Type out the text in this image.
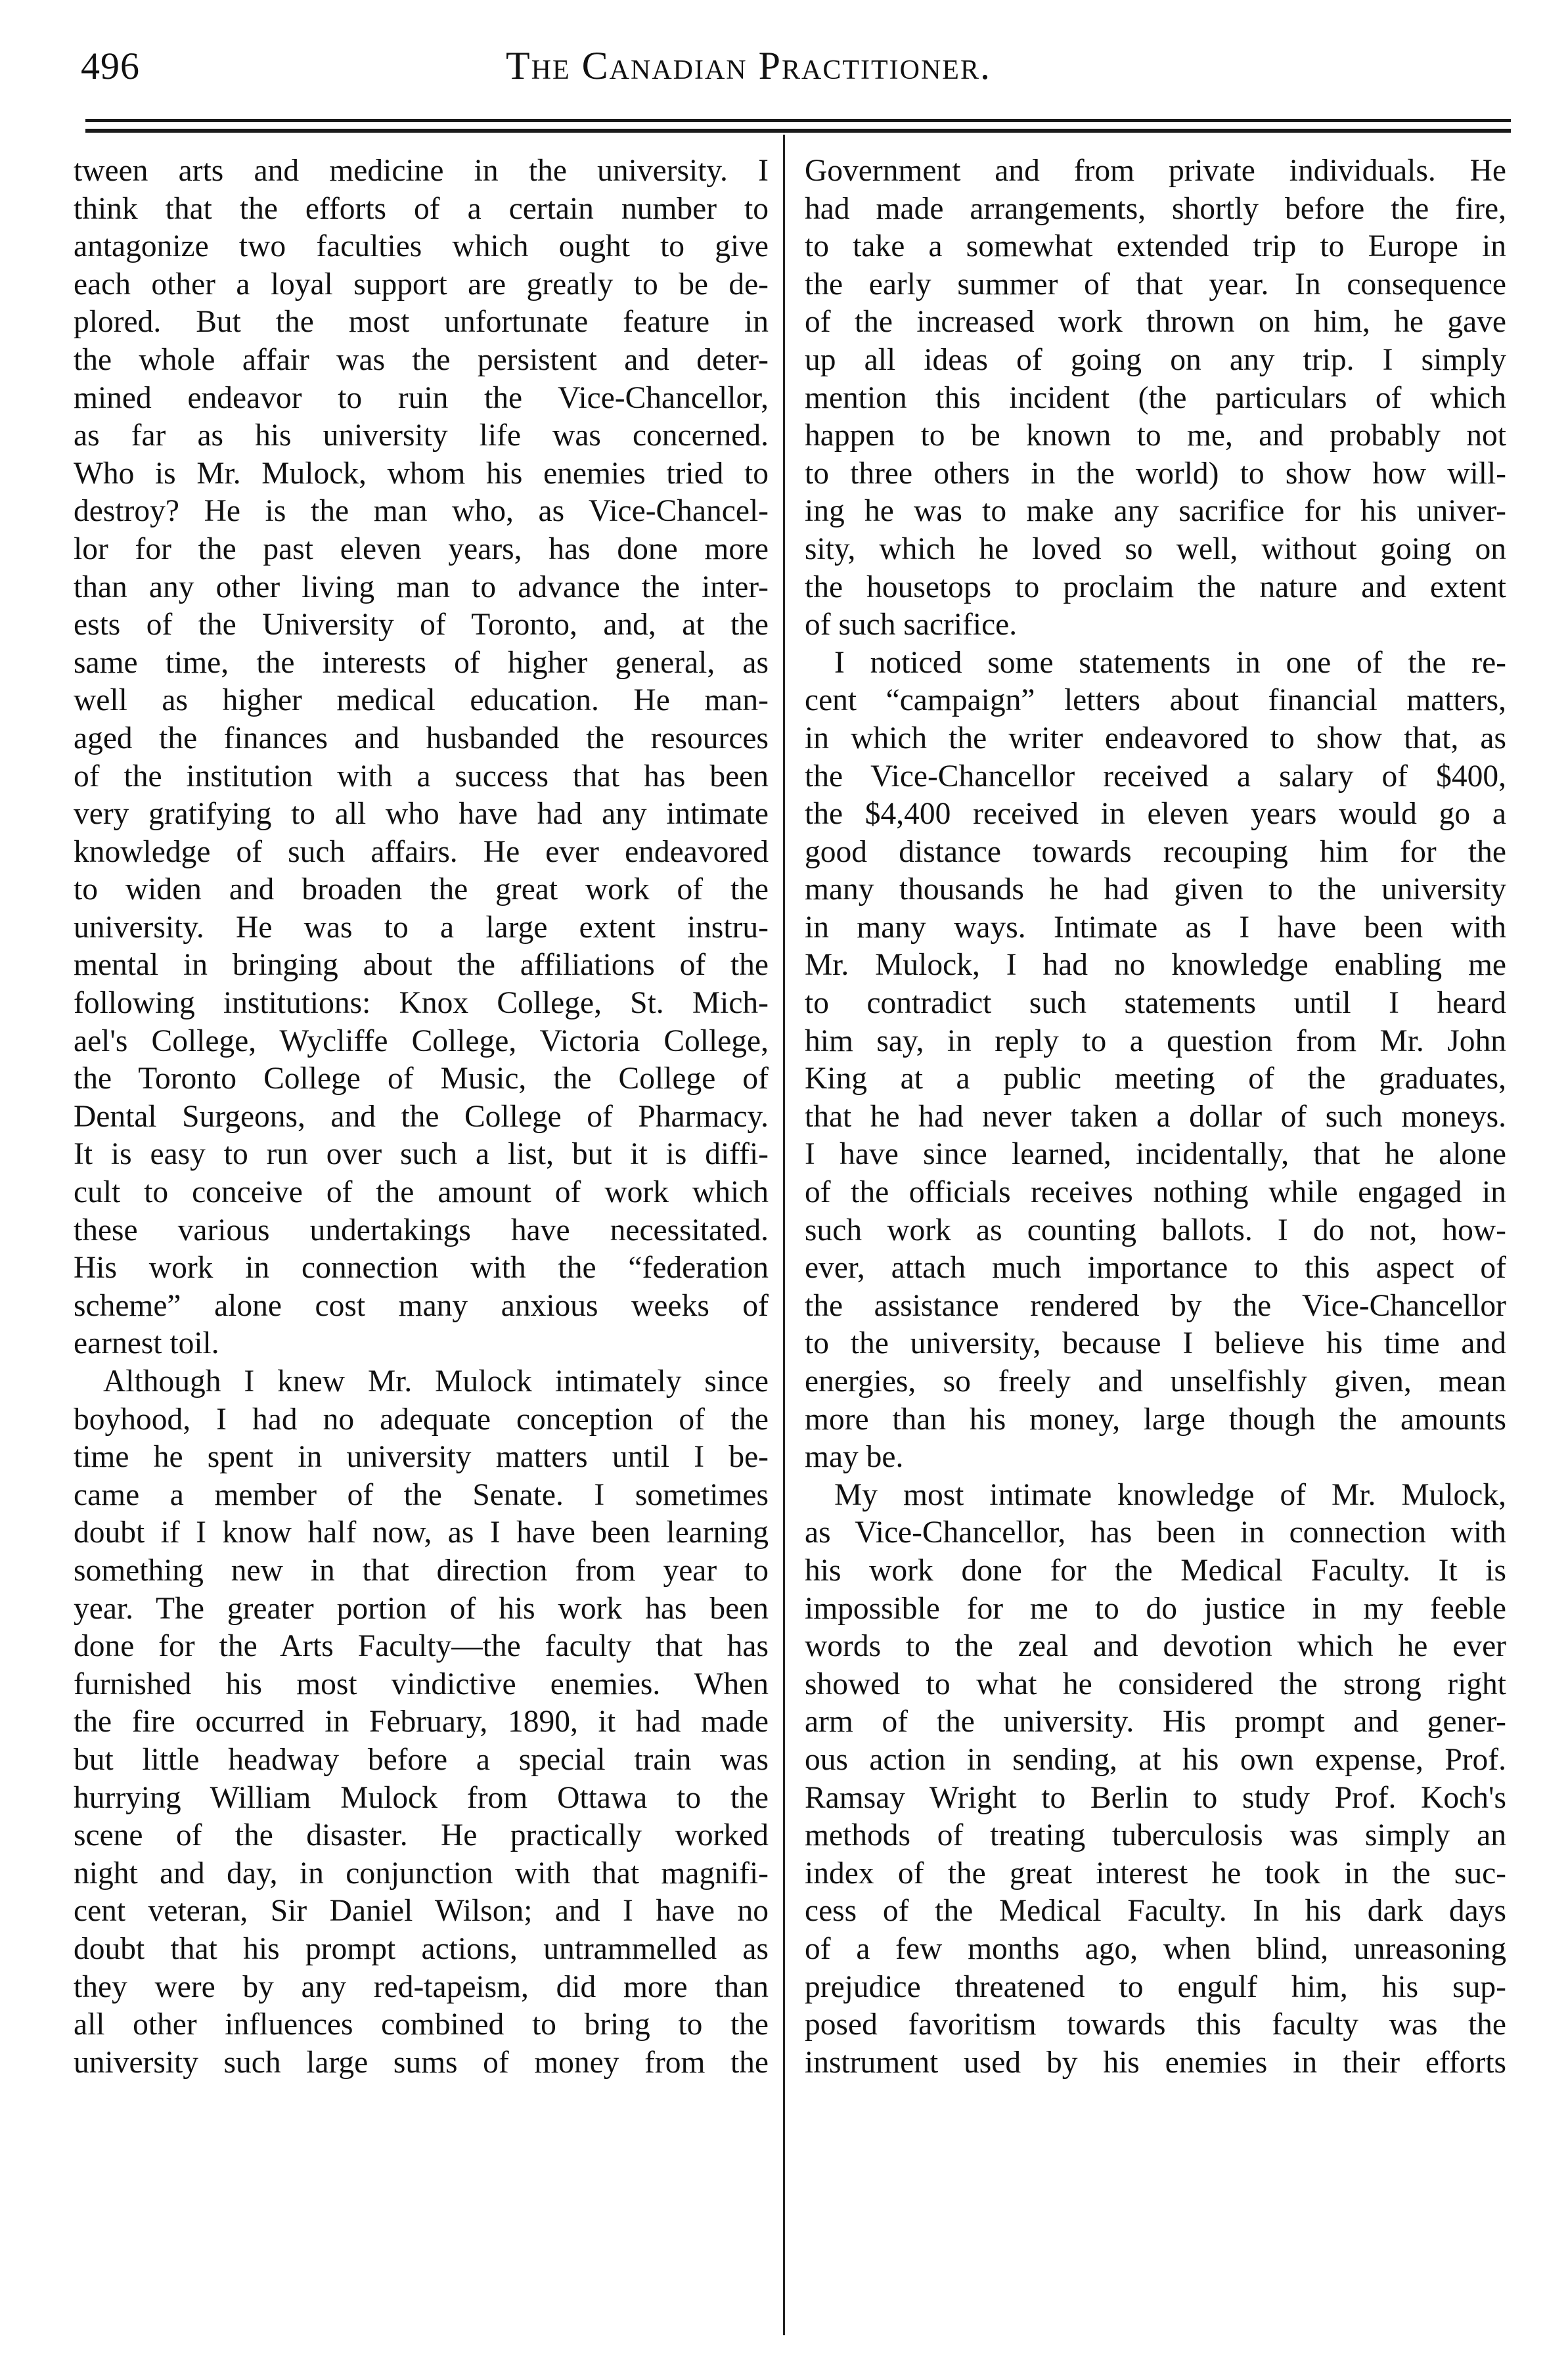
496	The Canadian Practitioner.
tween arts and medicine in the university. I
think that the efforts of a certain number to
antagonize two faculties which ought to give
each other a loyal support are greatly to be de-
plored. But the most unfortunate feature in
the whole affair was the persistent and deter-
mined endeavor to ruin the Vice-Chancellor,
as far as his university life was concerned.
Who is Mr. Mulock, whom his enemies tried to
destroy? He is the man who, as Vice-Chancel-
lor for the past eleven years, has done more
than any other living man to advance the inter-
ests of the University of Toronto, and, at the
same time, the interests of higher general, as
well as higher medical education. He man-
aged the finances and husbanded the resources
of the institution with a success that has been
very gratifying to all who have had any intimate
knowledge of such affairs. He ever endeavored
to widen and broaden the great work of the
university. He was to a large extent instru-
mental in bringing about the affiliations of the
following institutions: Knox College, St. Mich-
ael's College, Wycliffe College, Victoria College,
the Toronto College of Music, the College of
Dental Surgeons, and the College of Pharmacy.
It is easy to run over such a list, but it is diffi-
cult to conceive of the amount of work which
these various undertakings have necessitated.
His work in connection with the “federation
scheme” alone cost many anxious weeks of
earnest toil.
Although I knew Mr. Mulock intimately since
boyhood, I had no adequate conception of the
time he spent in university matters until I be-
came a member of the Senate. I sometimes
doubt if I know half now, as I have been learning
something new in that direction from year to
year. The greater portion of his work has been
done for the Arts Faculty—the faculty that has
furnished his most vindictive enemies. When
the fire occurred in February, 1890, it had made
but little headway before a special train was
hurrying William Mulock from Ottawa to the
scene of the disaster. He practically worked
night and day, in conjunction with that magnifi-
cent veteran, Sir Daniel Wilson; and I have no
doubt that his prompt actions, untrammelled as
they were by any red-tapeism, did more than
all other influences combined to bring to the
university such large sums of money from the
Government and from private individuals. He
had made arrangements, shortly before the fire,
to take a somewhat extended trip to Europe in
the early summer of that year. In consequence
of the increased work thrown on him, he gave
up all ideas of going on any trip. I simply
mention this incident (the particulars of which
happen to be known to me, and probably not
to three others in the world) to show how will-
ing he was to make any sacrifice for his univer-
sity, which he loved so well, without going on
the housetops to proclaim the nature and extent
of such sacrifice.
I noticed some statements in one of the re-
cent “campaign” letters about financial matters,
in which the writer endeavored to show that, as
the Vice-Chancellor received a salary of $400,
the $4,400 received in eleven years would go a
good distance towards recouping him for the
many thousands he had given to the university
in many ways. Intimate as I have been with
Mr. Mulock, I had no knowledge enabling me
to contradict such statements until I heard
him say, in reply to a question from Mr. John
King at a public meeting of the graduates,
that he had never taken a dollar of such moneys.
I have since learned, incidentally, that he alone
of the officials receives nothing while engaged in
such work as counting ballots. I do not, how-
ever, attach much importance to this aspect of
the assistance rendered by the Vice-Chancellor
to the university, because I believe his time and
energies, so freely and unselfishly given, mean
more than his money, large though the amounts
may be.
My most intimate knowledge of Mr. Mulock,
as Vice-Chancellor, has been in connection with
his work done for the Medical Faculty. It is
impossible for me to do justice in my feeble
words to the zeal and devotion which he ever
showed to what he considered the strong right
arm of the university. His prompt and gener-
ous action in sending, at his own expense, Prof.
Ramsay Wright to Berlin to study Prof. Koch's
methods of treating tuberculosis was simply an
index of the great interest he took in the suc-
cess of the Medical Faculty. In his dark days
of a few months ago, when blind, unreasoning
prejudice threatened to engulf him, his sup-
posed favoritism towards this faculty was the
instrument used by his enemies in their efforts
